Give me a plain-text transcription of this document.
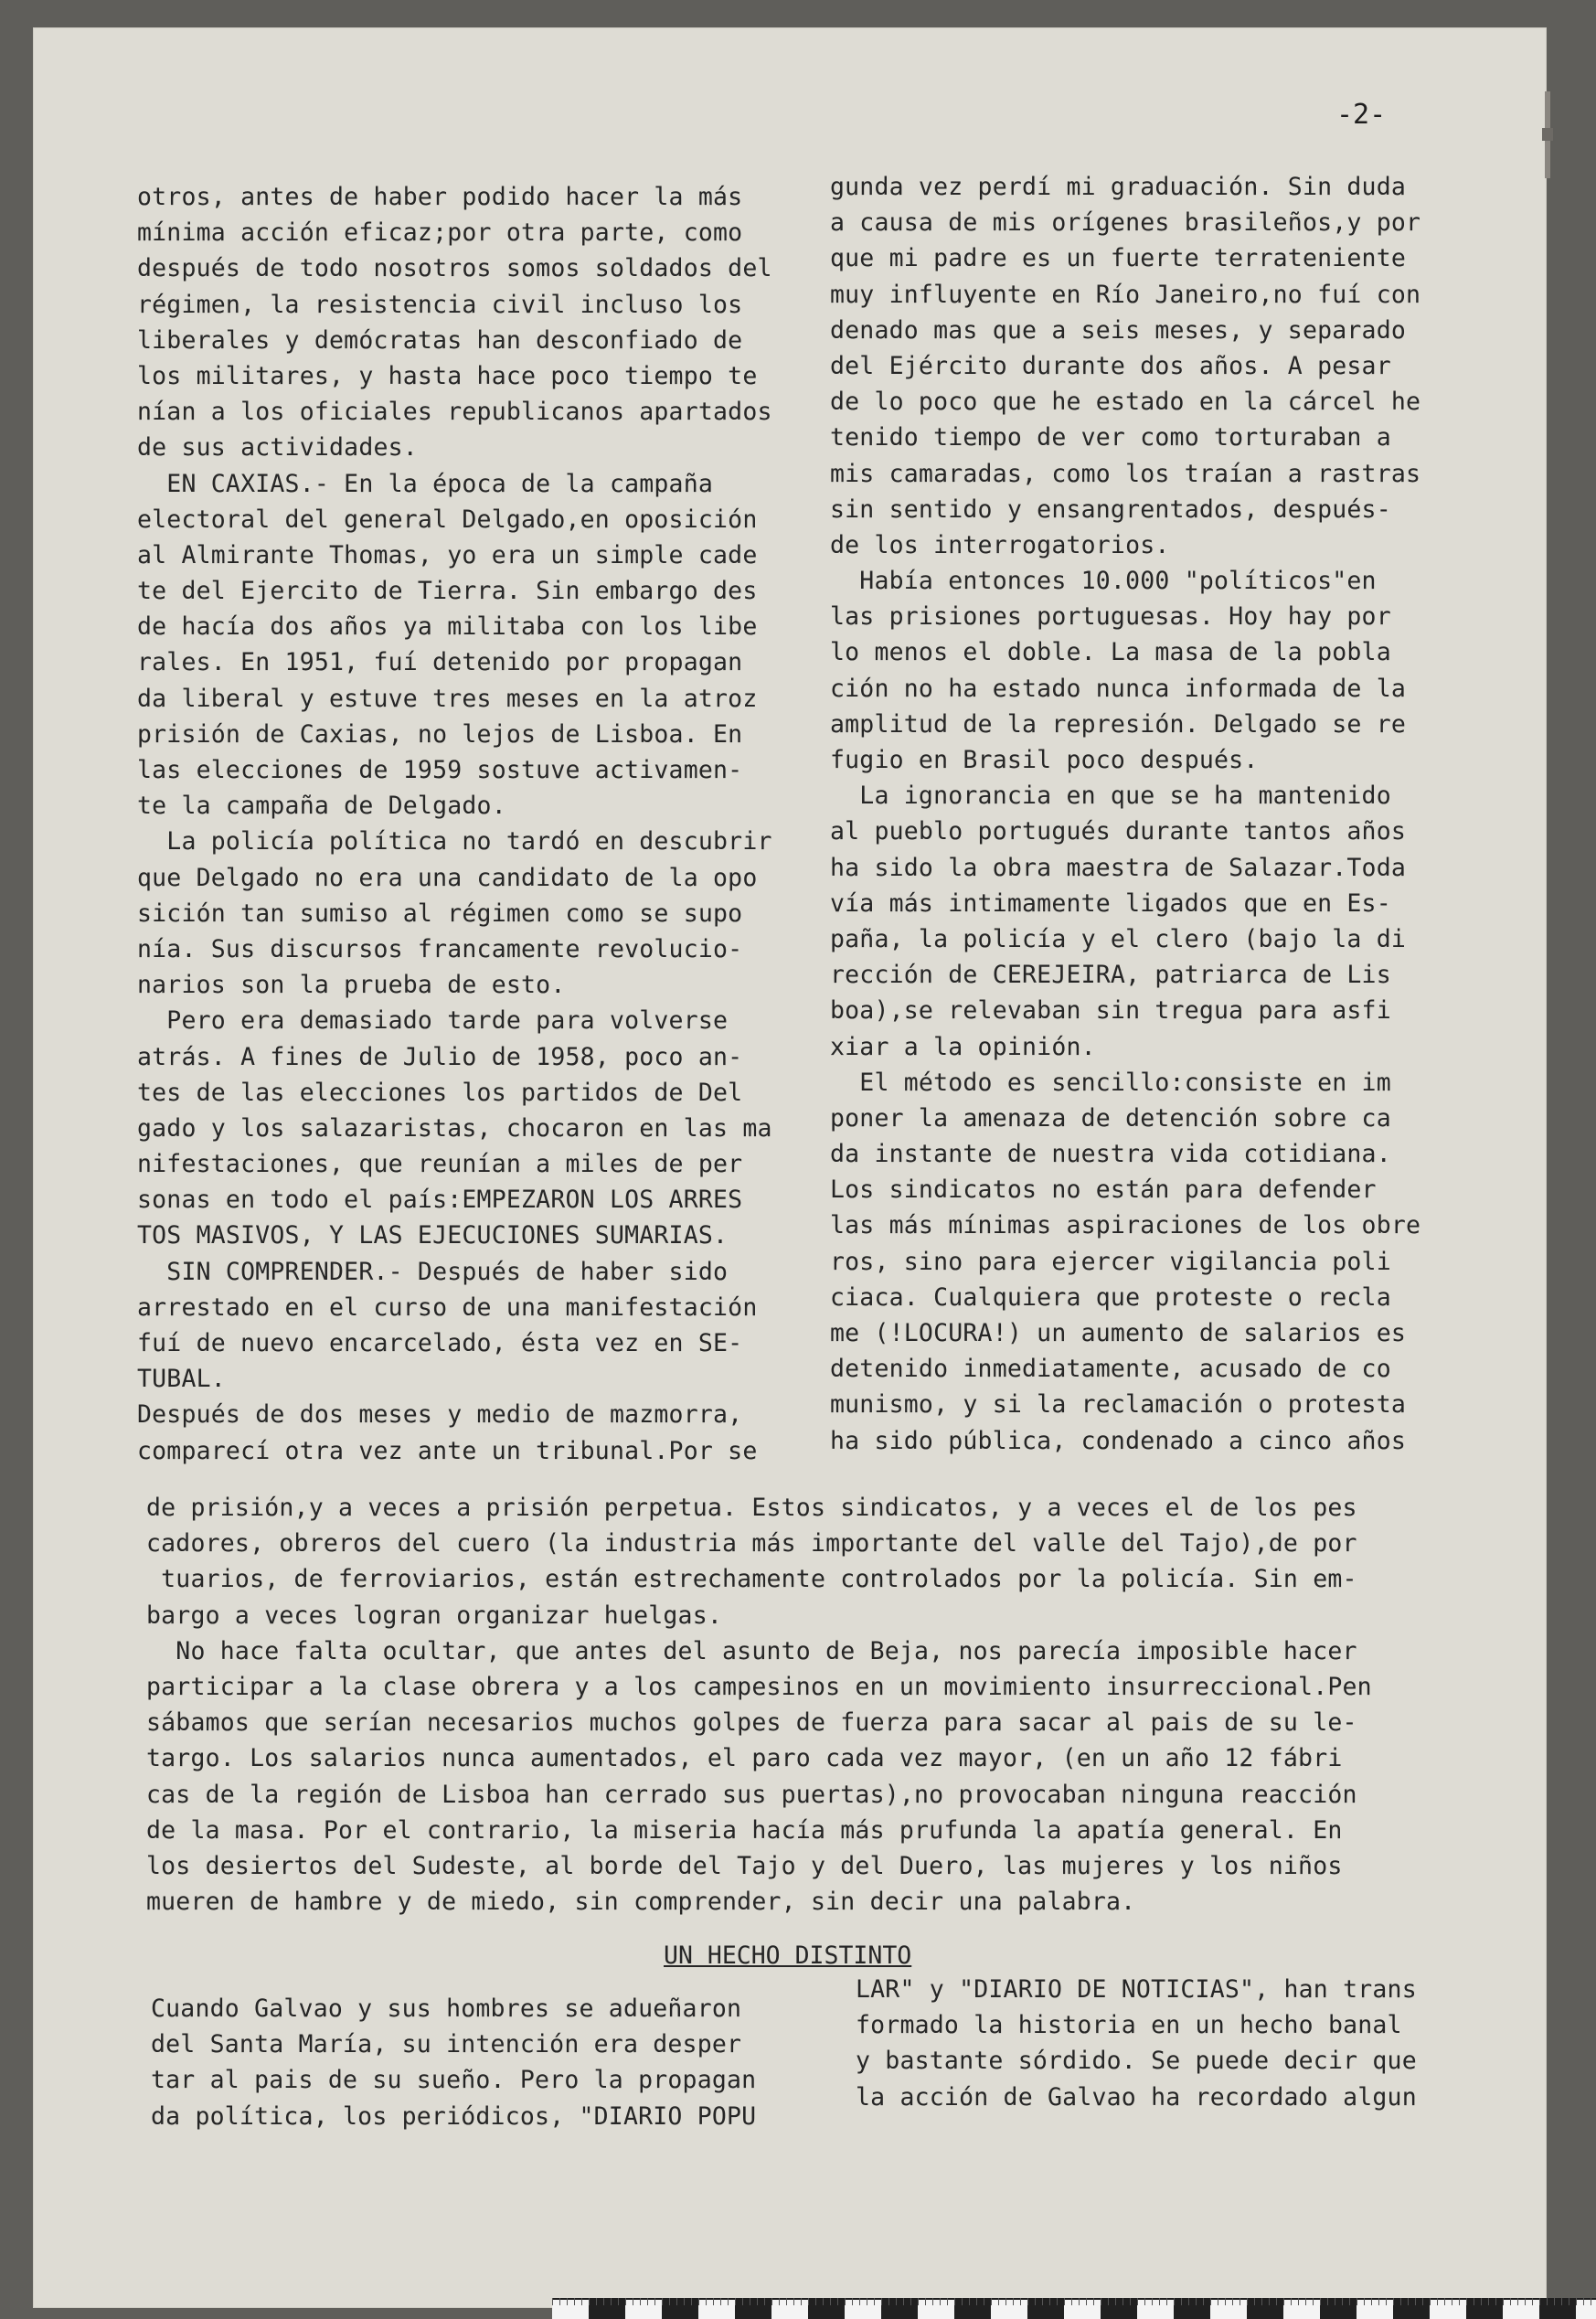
-2-
otros, antes de haber podido hacer la más
mínima acción eficaz;por otra parte, como
después de todo nosotros somos soldados del
régimen, la resistencia civil incluso los
liberales y demócratas han desconfiado de
los militares, y hasta hace poco tiempo te
nían a los oficiales republicanos apartados
de sus actividades.
EN CAXIAS.- En la época de la campaña
electoral del general Delgado,en oposición
al Almirante Thomas, yo era un simple cade
te del Ejercito de Tierra. Sin embargo des
de hacía dos años ya militaba con los libe
rales. En 1951, fuí detenido por propagan
da liberal y estuve tres meses en la atroz
prisión de Caxias, no lejos de Lisboa. En
las elecciones de 1959 sostuve activamen-
te la campaña de Delgado.
La policía política no tardó en descubrir
que Delgado no era una candidato de la opo
sición tan sumiso al régimen como se supo
nía. Sus discursos francamente revolucio-
narios son la prueba de esto.
Pero era demasiado tarde para volverse
atrás. A fines de Julio de 1958, poco an-
tes de las elecciones los partidos de Del
gado y los salazaristas, chocaron en las ma
nifestaciones, que reunían a miles de per
sonas en todo el país:EMPEZARON LOS ARRES
TOS MASIVOS, Y LAS EJECUCIONES SUMARIAS.
SIN COMPRENDER.- Después de haber sido
arrestado en el curso de una manifestación
fuí de nuevo encarcelado, ésta vez en SE-
TUBAL.
Después de dos meses y medio de mazmorra,
comparecí otra vez ante un tribunal.Por se
gunda vez perdí mi graduación. Sin duda
a causa de mis orígenes brasileños,y por
que mi padre es un fuerte terrateniente
muy influyente en Río Janeiro,no fuí con
denado mas que a seis meses, y separado
del Ejército durante dos años. A pesar
de lo poco que he estado en la cárcel he
tenido tiempo de ver como torturaban a
mis camaradas, como los traían a rastras
sin sentido y ensangrentados, después-
de los interrogatorios.
Había entonces 10.000 "políticos"en
las prisiones portuguesas. Hoy hay por
lo menos el doble. La masa de la pobla
ción no ha estado nunca informada de la
amplitud de la represión. Delgado se re
fugio en Brasil poco después.
La ignorancia en que se ha mantenido
al pueblo portugués durante tantos años
ha sido la obra maestra de Salazar.Toda
vía más intimamente ligados que en Es-
paña, la policía y el clero (bajo la di
rección de CEREJEIRA, patriarca de Lis
boa),se relevaban sin tregua para asfi
xiar a la opinión.
El método es sencillo:consiste en im
poner la amenaza de detención sobre ca
da instante de nuestra vida cotidiana.
Los sindicatos no están para defender
las más mínimas aspiraciones de los obre
ros, sino para ejercer vigilancia poli
ciaca. Cualquiera que proteste o recla
me (!LOCURA!) un aumento de salarios es
detenido inmediatamente, acusado de co
munismo, y si la reclamación o protesta
ha sido pública, condenado a cinco años
de prisión,y a veces a prisión perpetua. Estos sindicatos, y a veces el de los pes
cadores, obreros del cuero (la industria más importante del valle del Tajo),de por
tuarios, de ferroviarios, están estrechamente controlados por la policía. Sin em-
bargo a veces logran organizar huelgas.
No hace falta ocultar, que antes del asunto de Beja, nos parecía imposible hacer
participar a la clase obrera y a los campesinos en un movimiento insurreccional.Pen
sábamos que serían necesarios muchos golpes de fuerza para sacar al pais de su le-
targo. Los salarios nunca aumentados, el paro cada vez mayor, (en un año 12 fábri
cas de la región de Lisboa han cerrado sus puertas),no provocaban ninguna reacción
de la masa. Por el contrario, la miseria hacía más prufunda la apatía general. En
los desiertos del Sudeste, al borde del Tajo y del Duero, las mujeres y los niños
mueren de hambre y de miedo, sin comprender, sin decir una palabra.
UN HECHO DISTINTO
Cuando Galvao y sus hombres se adueñaron
del Santa María, su intención era desper
tar al pais de su sueño. Pero la propagan
da política, los periódicos, "DIARIO POPU
LAR" y "DIARIO DE NOTICIAS", han trans
formado la historia en un hecho banal
y bastante sórdido. Se puede decir que
la acción de Galvao ha recordado algun
